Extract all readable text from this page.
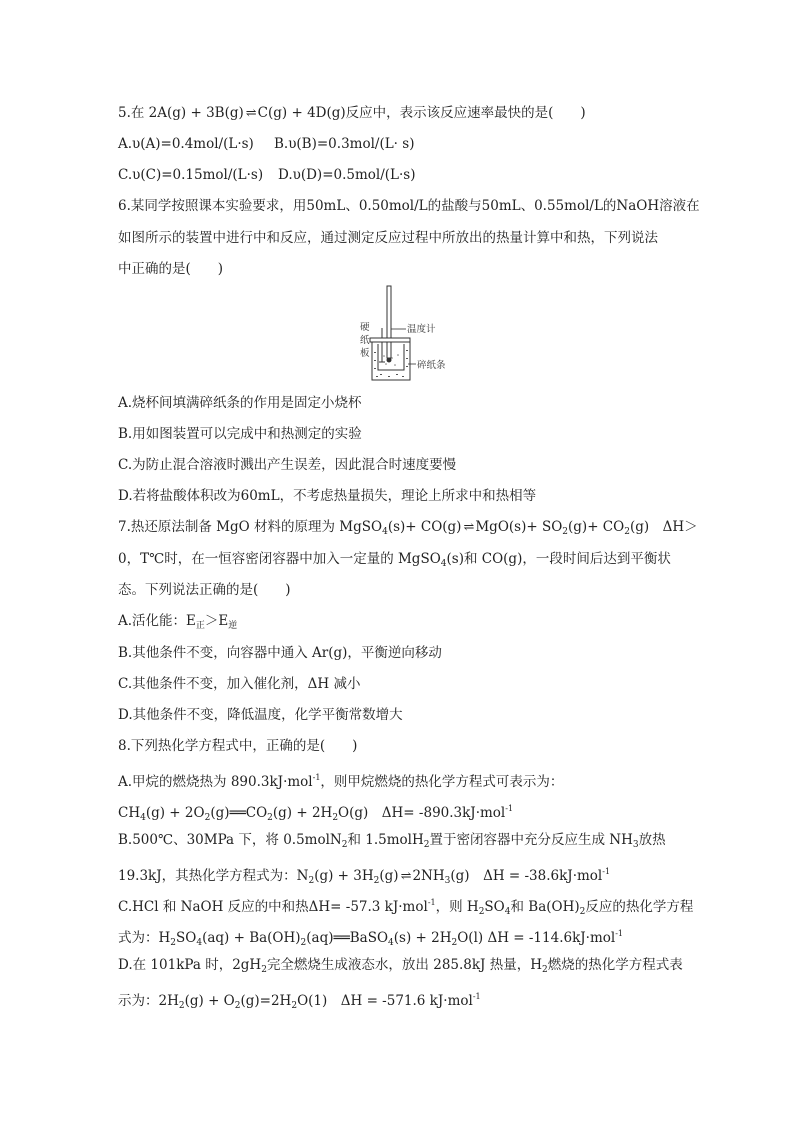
5.在 2A(g) + 3B(g) ⇌ C(g) + 4D(g)反应中，表示该反应速率最快的是(　　)
A.υ(A)=0.4mol/(L·s) B.υ(B)=0.3mol/(L· s)
C.υ(C)=0.15mol/(L·s) D.υ(D)=0.5mol/(L·s)
6.某同学按照课本实验要求，用50mL、0.50mol/L的盐酸与50mL、0.55mol/L的NaOH溶液在
如图所示的装置中进行中和反应，通过测定反应过程中所放出的热量计算中和热，下列说法
中正确的是(　　)
硬
纸
板
温度计
碎纸条
A.烧杯间填满碎纸条的作用是固定小烧杯
B.用如图装置可以完成中和热测定的实验
C.为防止混合溶液时溅出产生误差，因此混合时速度要慢
D.若将盐酸体积改为60mL，不考虑热量损失，理论上所求中和热相等
7.热还原法制备 MgO 材料的原理为 MgSO$_4$(s)+ CO(g) ⇌ $MgO(s)+ SO_2(g)+ CO_2(g)$　ΔH＞
0，T℃时，在一恒容密闭容器中加入一定量的 MgSO$_4$(s)和 CO(g)，一段时间后达到平衡状
态。下列说法正确的是(　　)
A.活化能：$E_正>E_逆$
B.其他条件不变，向容器中通入 Ar(g)，平衡逆向移动
C.其他条件不变，加入催化剂，ΔH 减小
D.其他条件不变，降低温度，化学平衡常数增大
8.下列热化学方程式中，正确的是(　　)
A.甲烷的燃烧热为 890.3kJ·mol$^{-1}$，则甲烷燃烧的热化学方程式可表示为：
$CH_4(g)$ + $2O_2(g)══CO_2(g) + 2H_2O(g)$　ΔH= -890.3kJ·mol$^{-1}$
B.500℃、30MPa 下，将 0.5molN$_2$和 1.5molH$_2$置于密闭容器中充分反应生成 $NH_3$放热
19.3kJ，其热化学方程式为：$N_2(g) + 3H_2(g)$ ⇌ $2NH_3(g)$　ΔH = -38.6kJ·mol$^{-1}$
C.HCl 和 NaOH 反应的中和热ΔH= -57.3 kJ·mol$^{-1}$，则 $H_2SO_4$和 $Ba(OH)_2$反应的热化学方程
式为：$H_2SO_4(aq)$ + $Ba(OH)_2(aq)══BaSO_4(s) + 2H_2O(l) \Delta H = -114.6kJ\cdot mol^{-1}$
D.在 101kPa 时，$2gH_2$完全燃烧生成液态水，放出 285.8kJ 热量，$H_2$燃烧的热化学方程式表
示为：$2H_2(g) + O_2(g)=2H_2O(1)$　ΔH = -571.6 kJ·mol$^{-1}$
